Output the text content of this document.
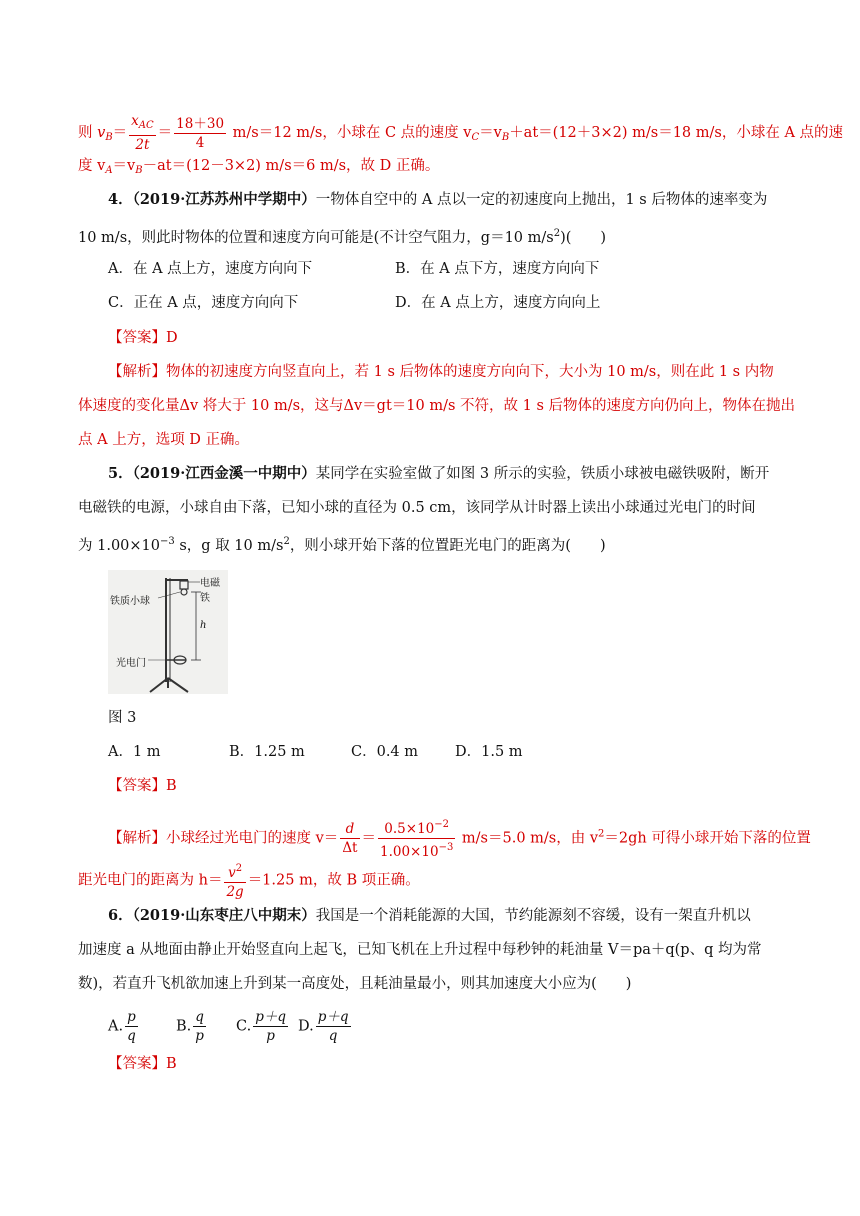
则 $v_B= \frac{x_{AC}}{2t} = \frac{18+30}{4} m/s=12$ m/s，小球在 C 点的速度 $v_C=v_B+at=(12+3\times 2)$ m/s＝18 m/s，小球在 A 点的速
度 $v_A=v_B-at=(12-3\times 2)$ m/s＝6 m/s，故 D 正确。
4．（2019·江苏苏州中学期中）一物体自空中的 A 点以一定的初速度向上抛出，1 s 后物体的速率变为
10 m/s，则此时物体的位置和速度方向可能是(不计空气阻力，g＝10 $m/s^2$)(　　)
A．在 A 点上方，速度方向向下	B．在 A 点下方，速度方向向下
C．正在 A 点，速度方向向下	D．在 A 点上方，速度方向向上
【答案】D
【解析】物体的初速度方向竖直向上，若 1 s 后物体的速度方向向下，大小为 10 m/s，则在此 1 s 内物
体速度的变化量Δv 将大于 10 m/s，这与Δv＝gt＝10 m/s 不符，故 1 s 后物体的速度方向仍向上，物体在抛出
点 A 上方，选项 D 正确。
5．（2019·江西金溪一中期中）某同学在实验室做了如图 3 所示的实验，铁质小球被电磁铁吸附，断开
电磁铁的电源，小球自由下落，已知小球的直径为 0.5 cm，该同学从计时器上读出小球通过光电门的时间
为 $1.00\times 10^{-3}$ s，g 取 10 $m/s^2$，则小球开始下落的位置距光电门的距离为(　　)
电磁铁
铁质小球
h
光电门
图 3
A．1 m	B．1.25 m	C．0.4 m	D．1.5 m
【答案】B
【解析】小球经过光电门的速度 $v= \frac{d}{\Delta t} = \frac{0.5\times 10^{-2}}{1.00\times 10^{-3}} m/s=5.0$ m/s，由 $v^2=2gh$ 可得小球开始下落的位置
距光电门的距离为 $h= \frac{v^2}{2g} =1.25$ m，故 B 项正确。
6．（2019·山东枣庄八中期末）我国是一个消耗能源的大国，节约能源刻不容缓，设有一架直升机以
加速度 a 从地面由静止开始竖直向上起飞，已知飞机在上升过程中每秒钟的耗油量 V＝pa＋q(p、q 均为常
数)，若直升飞机欲加速上升到某一高度处，且耗油量最小，则其加速度大小应为(　　)
A. $\frac{p}{q}$	B. $\frac{q}{p} C$. $\frac{p+q}{p} D$. $\frac{p+q}{q}$
【答案】B
